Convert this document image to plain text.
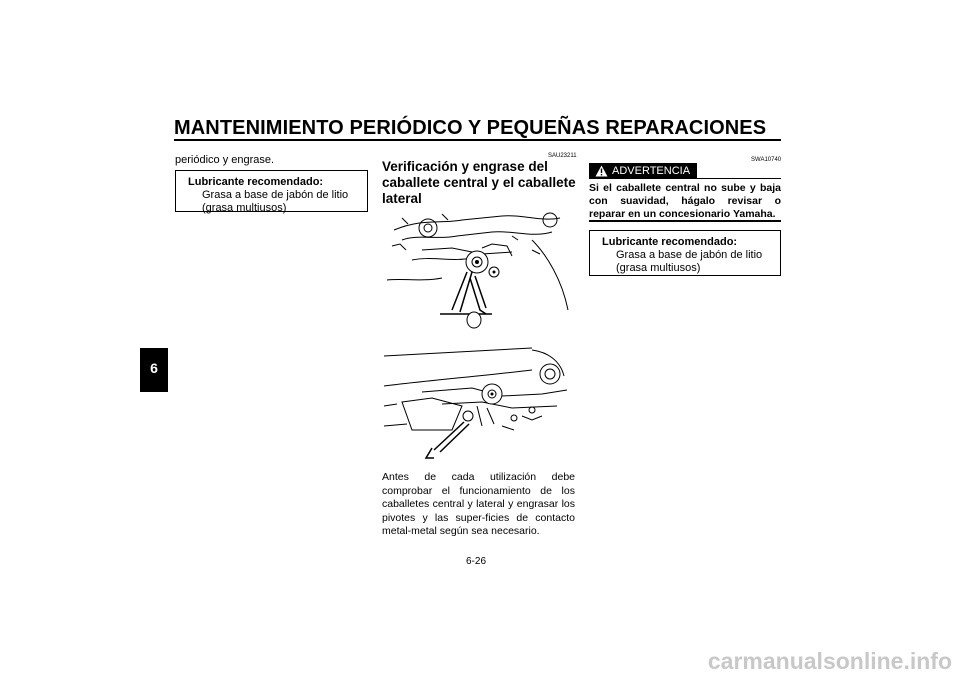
MANTENIMIENTO PERIÓDICO Y PEQUEÑAS REPARACIONES
6
periódico y engrase.
Lubricante recomendado:
Grasa a base de jabón de litio (grasa multiusos)
SAU23211
Verificación y engrase del caballete central y el caballete lateral
Antes de cada utilización debe comprobar el funcionamiento de los caballetes central y lateral y engrasar los pivotes y las super-ficies de contacto metal-metal según sea necesario.
SWA10740
ADVERTENCIA
Si el caballete central no sube y baja con suavidad, hágalo revisar o reparar en un concesionario Yamaha.
Lubricante recomendado:
Grasa a base de jabón de litio (grasa multiusos)
6-26
carmanualsonline.info
